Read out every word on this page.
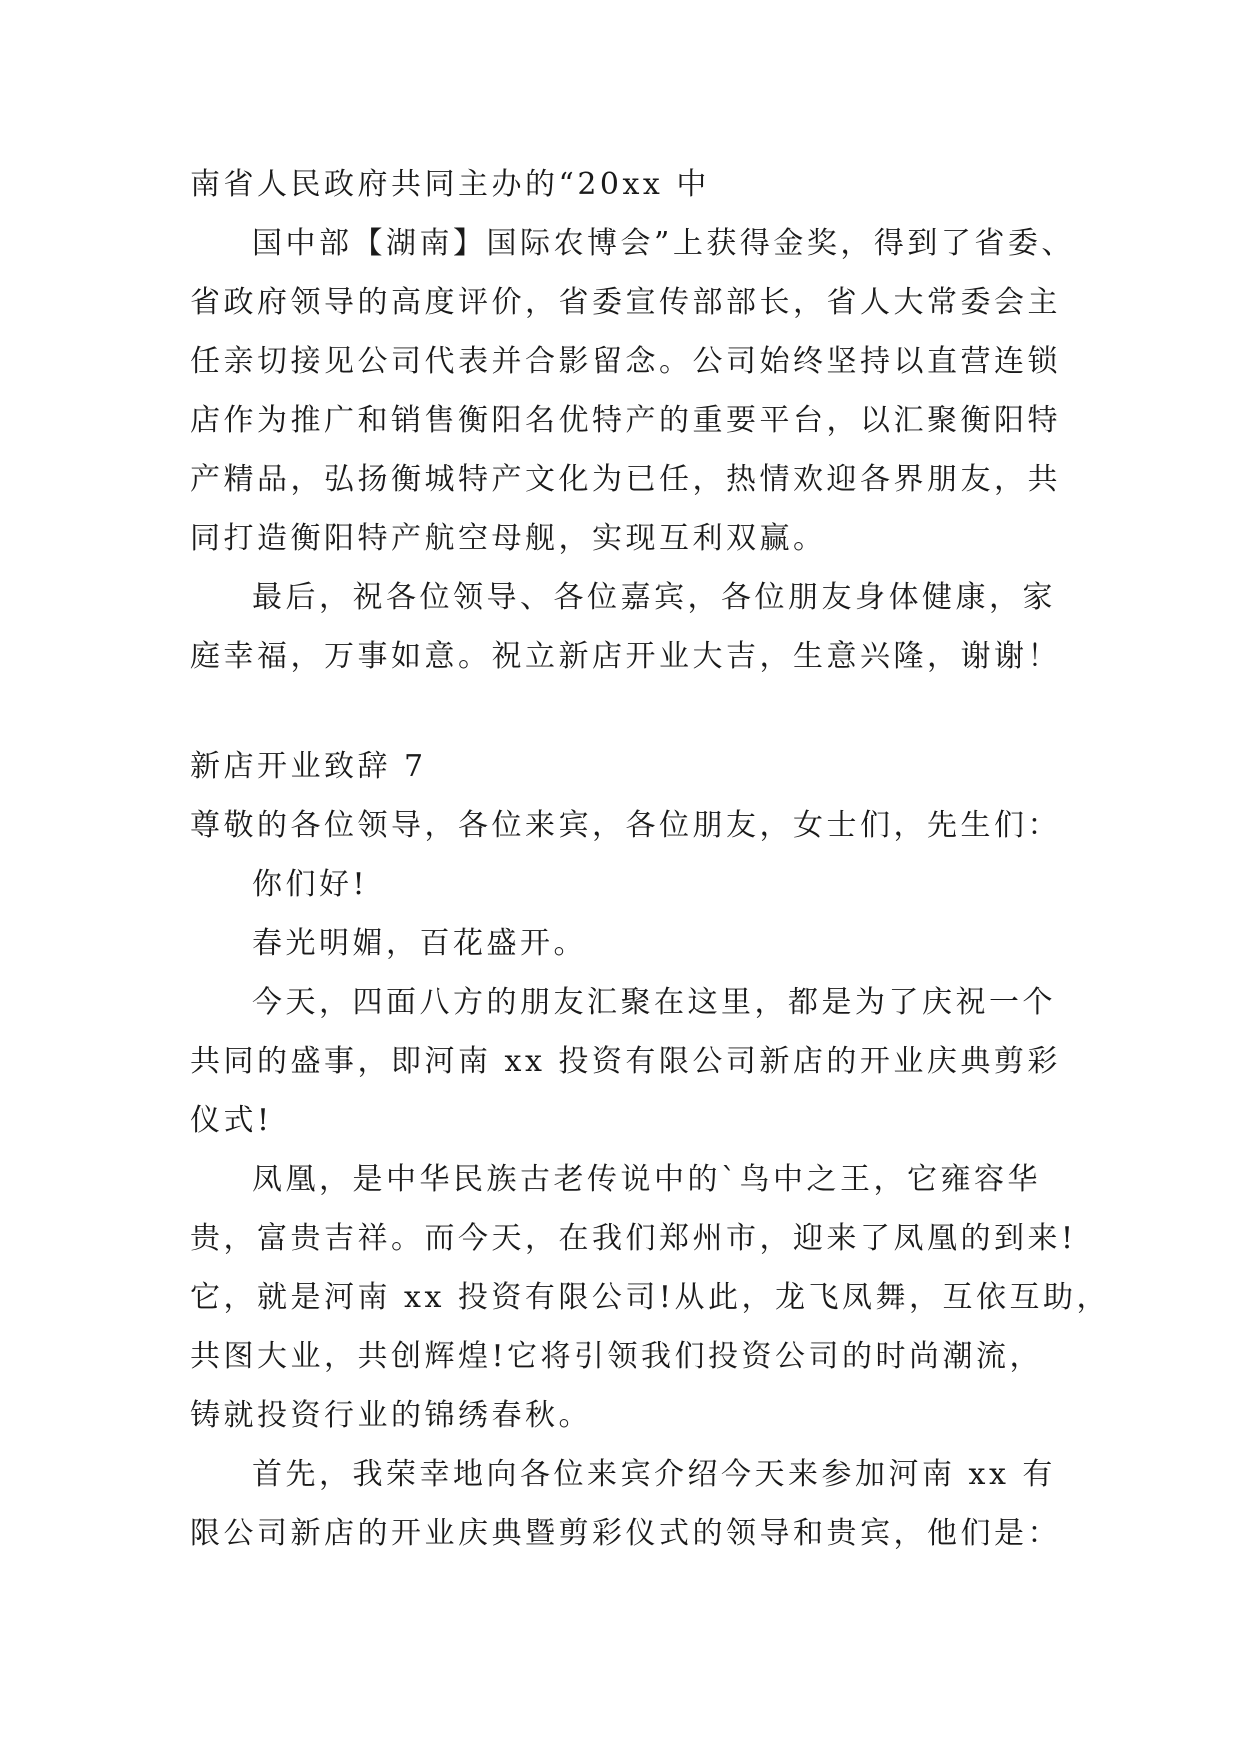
南省人民政府共同主办的“20xx 中
国中部【湖南】国际农博会”上获得金奖，得到了省委、
省政府领导的高度评价，省委宣传部部长，省人大常委会主
任亲切接见公司代表并合影留念。公司始终坚持以直营连锁
店作为推广和销售衡阳名优特产的重要平台，以汇聚衡阳特
产精品，弘扬衡城特产文化为已任，热情欢迎各界朋友，共
同打造衡阳特产航空母舰，实现互利双赢。
最后，祝各位领导、各位嘉宾，各位朋友身体健康，家
庭幸福，万事如意。祝立新店开业大吉，生意兴隆，谢谢！
新店开业致辞 7
尊敬的各位领导，各位来宾，各位朋友，女士们，先生们：
你们好!
春光明媚，百花盛开。
今天，四面八方的朋友汇聚在这里，都是为了庆祝一个
共同的盛事，即河南 xx 投资有限公司新店的开业庆典剪彩
仪式!
凤凰，是中华民族古老传说中的`鸟中之王，它雍容华
贵，富贵吉祥。而今天，在我们郑州市，迎来了凤凰的到来!
它，就是河南 xx 投资有限公司!从此，龙飞凤舞，互依互助，
共图大业，共创辉煌!它将引领我们投资公司的时尚潮流，
铸就投资行业的锦绣春秋。
首先，我荣幸地向各位来宾介绍今天来参加河南 xx 有
限公司新店的开业庆典暨剪彩仪式的领导和贵宾，他们是：
